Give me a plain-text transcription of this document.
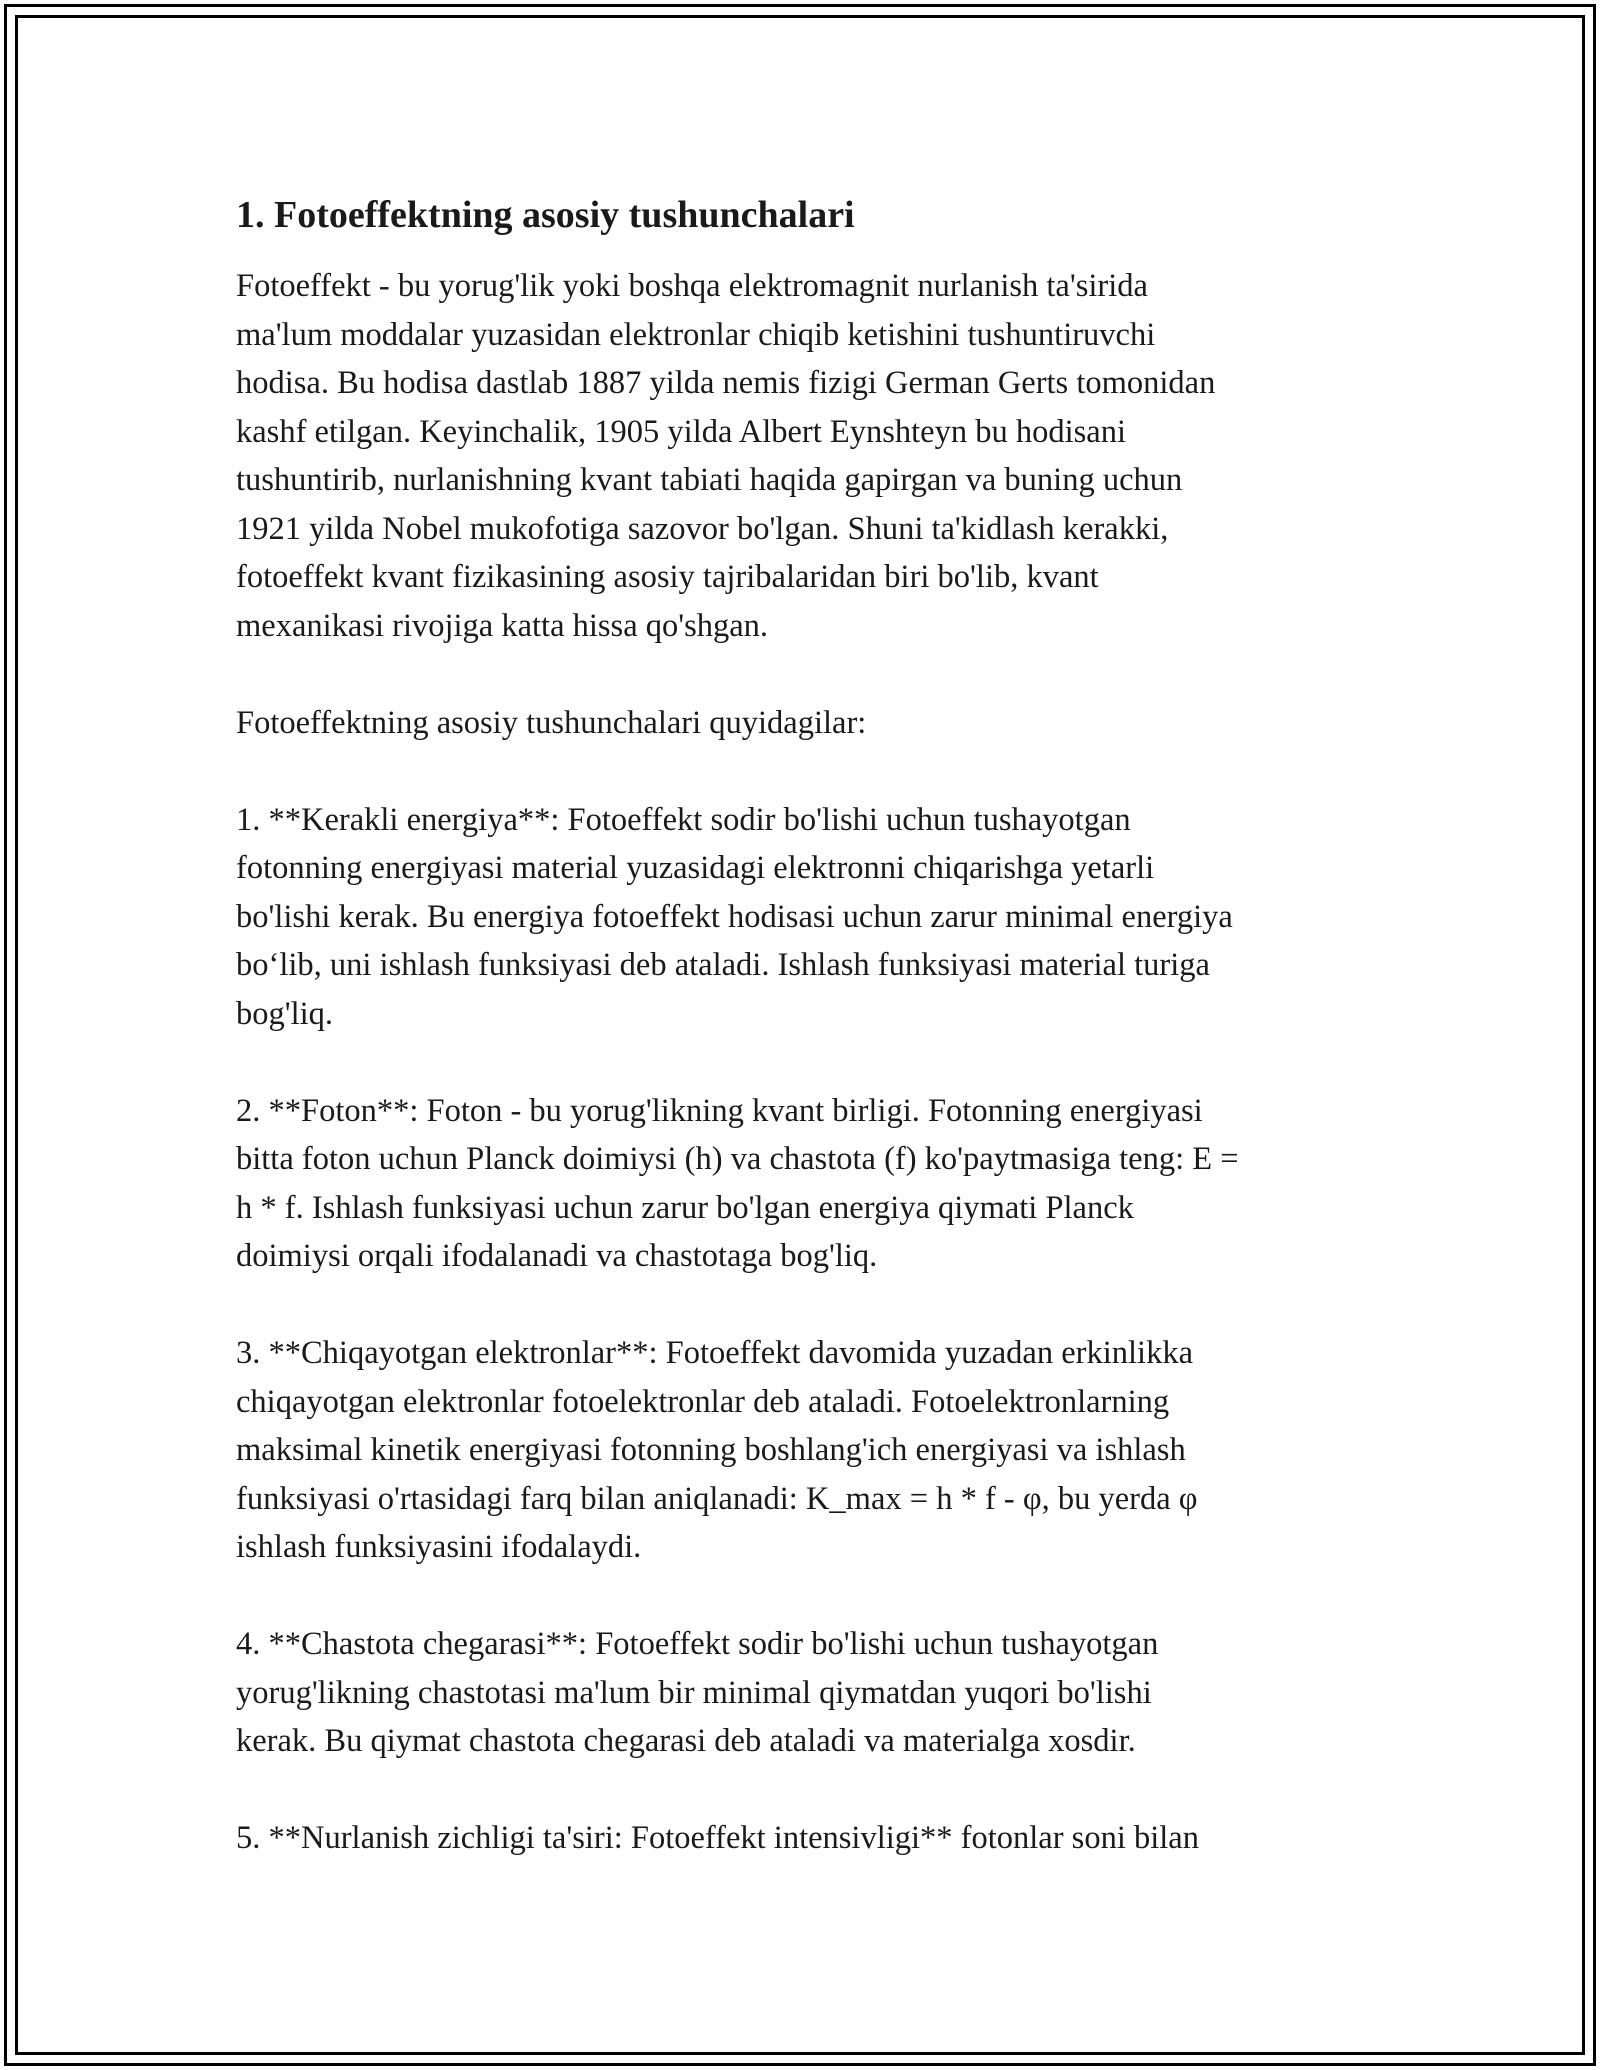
1. Fotoeffektning asosiy tushunchalari

Fotoeffekt - bu yorug'lik yoki boshqa elektromagnit nurlanish ta'sirida
ma'lum moddalar yuzasidan elektronlar chiqib ketishini tushuntiruvchi
hodisa. Bu hodisa dastlab 1887 yilda nemis fizigi German Gerts tomonidan
kashf etilgan. Keyinchalik, 1905 yilda Albert Eynshteyn bu hodisani
tushuntirib, nurlanishning kvant tabiati haqida gapirgan va buning uchun
1921 yilda Nobel mukofotiga sazovor bo'lgan. Shuni ta'kidlash kerakki,
fotoeffekt kvant fizikasining asosiy tajribalaridan biri bo'lib, kvant
mexanikasi rivojiga katta hissa qo'shgan.

Fotoeffektning asosiy tushunchalari quyidagilar:

1. **Kerakli energiya**: Fotoeffekt sodir bo'lishi uchun tushayotgan
fotonning energiyasi material yuzasidagi elektronni chiqarishga yetarli
bo'lishi kerak. Bu energiya fotoeffekt hodisasi uchun zarur minimal energiya
bo‘lib, uni ishlash funksiyasi deb ataladi. Ishlash funksiyasi material turiga
bog'liq.

2. **Foton**: Foton - bu yorug'likning kvant birligi. Fotonning energiyasi
bitta foton uchun Planck doimiysi (h) va chastota (f) ko'paytmasiga teng: E =
h * f. Ishlash funksiyasi uchun zarur bo'lgan energiya qiymati Planck
doimiysi orqali ifodalanadi va chastotaga bog'liq.

3. **Chiqayotgan elektronlar**: Fotoeffekt davomida yuzadan erkinlikka
chiqayotgan elektronlar fotoelektronlar deb ataladi. Fotoelektronlarning
maksimal kinetik energiyasi fotonning boshlang'ich energiyasi va ishlash
funksiyasi o'rtasidagi farq bilan aniqlanadi: K_max = h * f - φ, bu yerda φ
ishlash funksiyasini ifodalaydi.

4. **Chastota chegarasi**: Fotoeffekt sodir bo'lishi uchun tushayotgan
yorug'likning chastotasi ma'lum bir minimal qiymatdan yuqori bo'lishi
kerak. Bu qiymat chastota chegarasi deb ataladi va materialga xosdir.

5. **Nurlanish zichligi ta'siri: Fotoeffekt intensivligi** fotonlar soni bilan
